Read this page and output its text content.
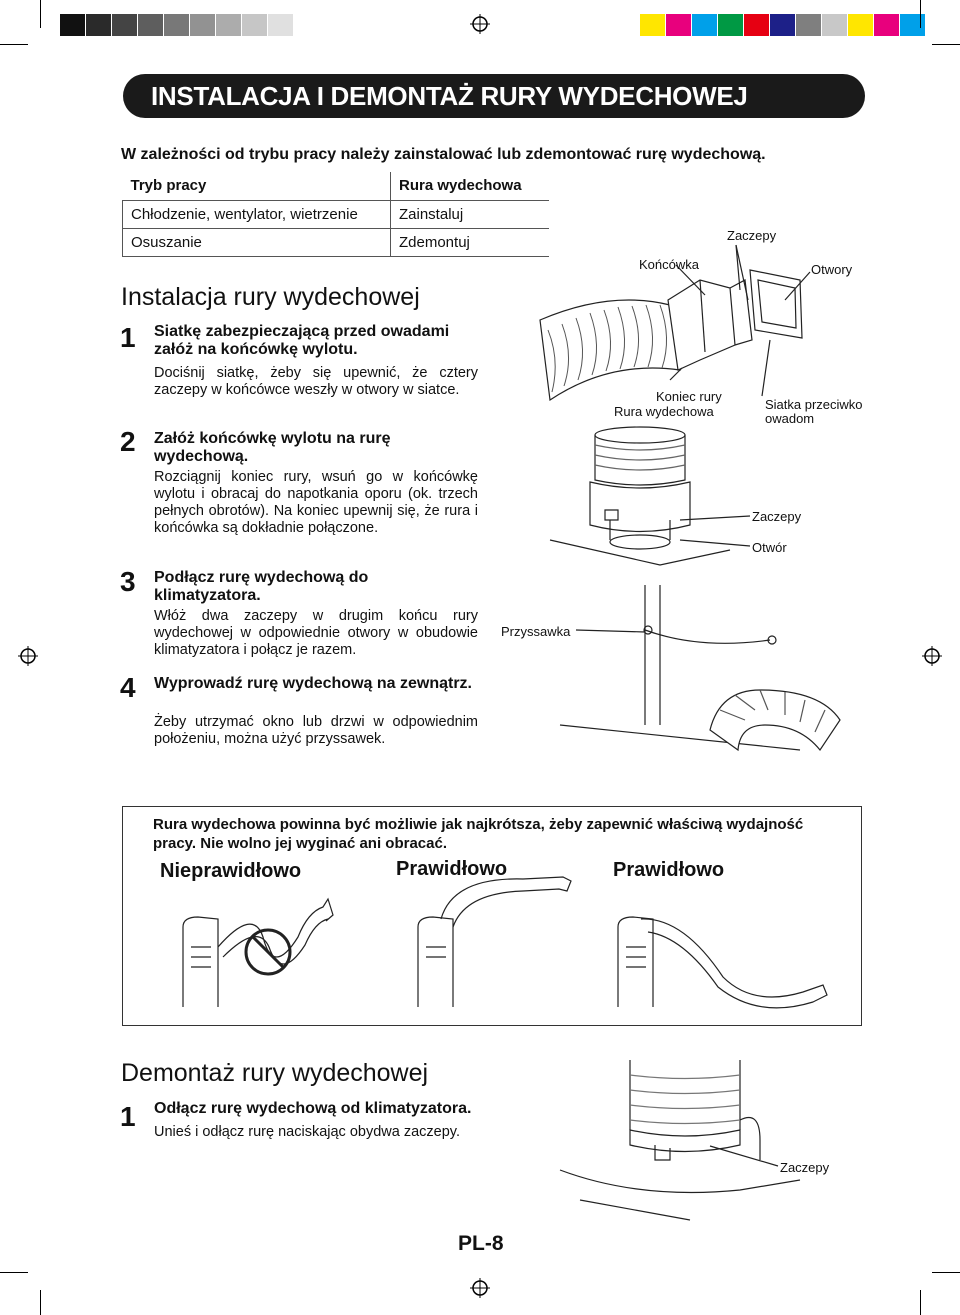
INSTALACJA I DEMONTAŻ RURY WYDECHOWEJ
W zależności od trybu pracy należy zainstalować lub zdemontować rurę wydechową.
Tryb pracy	Rura wydechowa
Chłodzenie, wentylator, wietrzenie	Zainstaluj
Osuszanie	Zdemontuj
Instalacja rury wydechowej
1 Siatkę zabezpieczającą przed owadami załóż na końcówkę wylotu.
Dociśnij siatkę, żeby się upewnić, że cztery zaczepy w końcówce weszły w otwory w siatce.
2 Załóż końcówkę wylotu na rurę wydechową.
Rozciągnij koniec rury, wsuń go w końcówkę wylotu i obracaj do napotkania oporu (ok. trzech pełnych obrotów). Na koniec upewnij się, że rura i końcówka są dokładnie połączone.
3 Podłącz rurę wydechową do klimatyzatora.
Włóż dwa zaczepy w drugim końcu rury wydechowej w odpowiednie otwory w obudowie klimatyzatora i połącz je razem.
4 Wyprowadź rurę wydechową na zewnątrz.
Żeby utrzymać okno lub drzwi w odpowiednim położeniu, można użyć przyssawek.
Zaczepy
Końcówka	Otwory
Koniec rury
Rura wydechowa	Siatka przeciwko owadom
Zaczepy
Otwór
Przyssawka
Rura wydechowa powinna być możliwie jak najkrótsza, żeby zapewnić właściwą wydajność pracy. Nie wolno jej wyginać ani obracać.
Nieprawidłowo	Prawidłowo	Prawidłowo
Demontaż rury wydechowej
1 Odłącz rurę wydechową od klimatyzatora.
Unieś i odłącz rurę naciskając obydwa zaczepy.
Zaczepy
PL-8
